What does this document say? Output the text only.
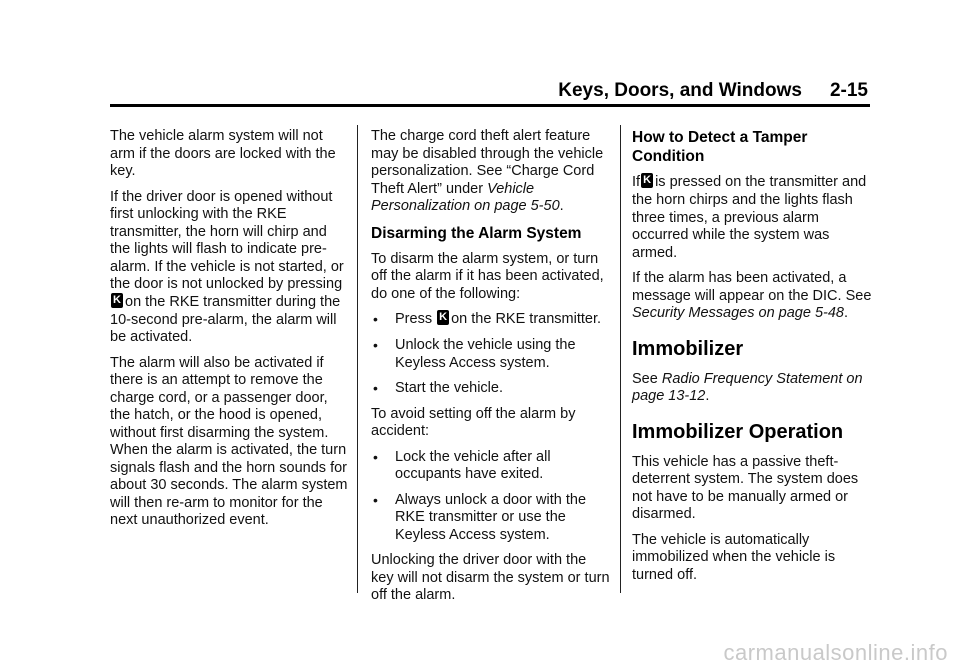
Keys, Doors, and Windows 2-15

The vehicle alarm system will not arm if the doors are locked with the key.

If the driver door is opened without first unlocking with the RKE transmitter, the horn will chirp and the lights will flash to indicate pre-alarm. If the vehicle is not started, or the door is not unlocked by pressing K on the RKE transmitter during the 10-second pre-alarm, the alarm will be activated.

The alarm will also be activated if there is an attempt to remove the charge cord, or a passenger door, the hatch, or the hood is opened, without first disarming the system. When the alarm is activated, the turn signals flash and the horn sounds for about 30 seconds. The alarm system will then re-arm to monitor for the next unauthorized event.

The charge cord theft alert feature may be disabled through the vehicle personalization. See “Charge Cord Theft Alert” under Vehicle Personalization on page 5-50.

Disarming the Alarm System

To disarm the alarm system, or turn off the alarm if it has been activated, do one of the following:

• Press K on the RKE transmitter.
• Unlock the vehicle using the Keyless Access system.
• Start the vehicle.

To avoid setting off the alarm by accident:

• Lock the vehicle after all occupants have exited.
• Always unlock a door with the RKE transmitter or use the Keyless Access system.

Unlocking the driver door with the key will not disarm the system or turn off the alarm.

How to Detect a Tamper Condition

If K is pressed on the transmitter and the horn chirps and the lights flash three times, a previous alarm occurred while the system was armed.

If the alarm has been activated, a message will appear on the DIC. See Security Messages on page 5-48.

Immobilizer

See Radio Frequency Statement on page 13-12.

Immobilizer Operation

This vehicle has a passive theft-deterrent system. The system does not have to be manually armed or disarmed.

The vehicle is automatically immobilized when the vehicle is turned off.

carmanualsonline.info
